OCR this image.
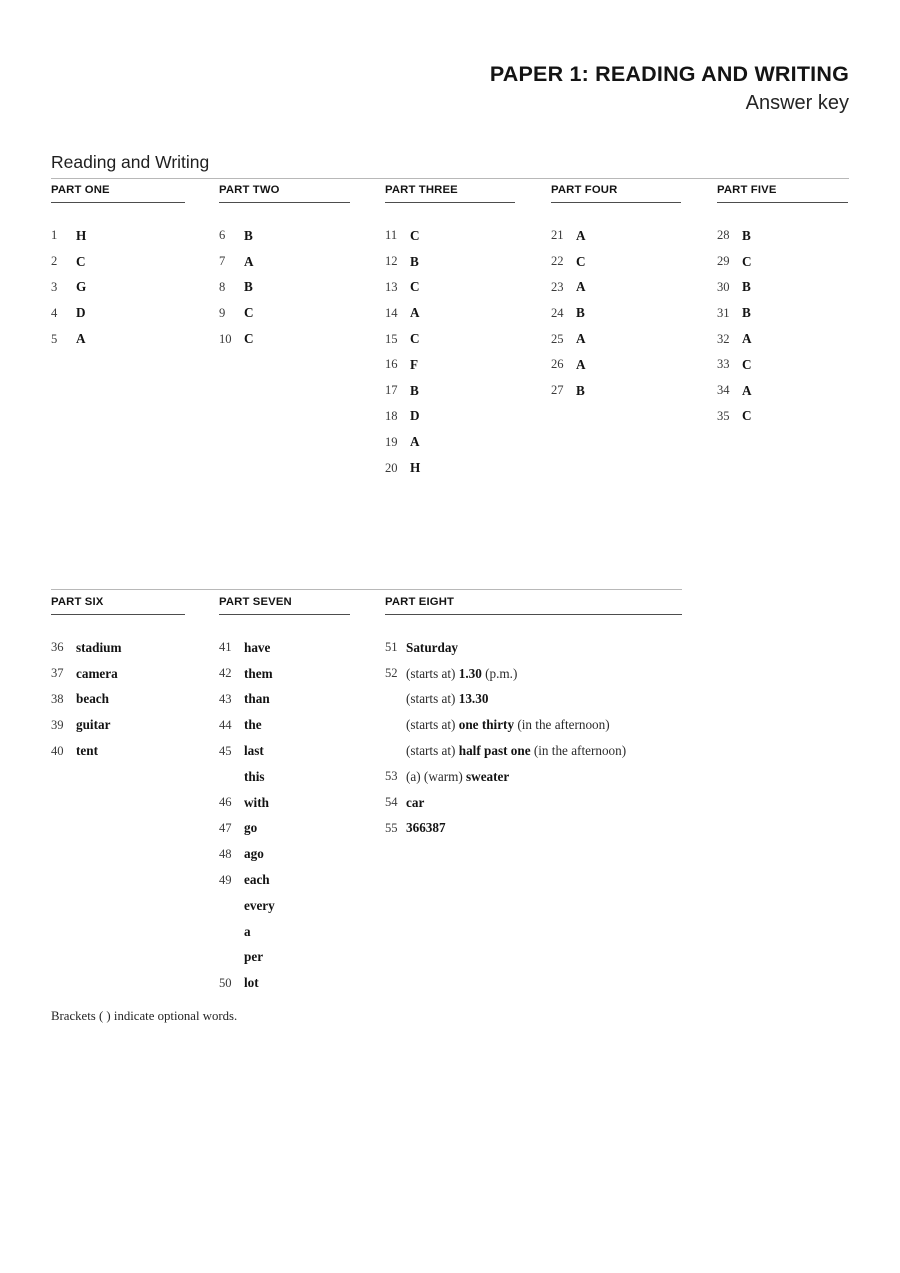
PAPER 1: READING AND WRITING
Answer key
Reading and Writing
PART ONE
1 H
2 C
3 G
4 D
5 A
PART TWO
6 B
7 A
8 B
9 C
10 C
PART THREE
11 C
12 B
13 C
14 A
15 C
16 F
17 B
18 D
19 A
20 H
PART FOUR
21 A
22 C
23 A
24 B
25 A
26 A
27 B
PART FIVE
28 B
29 C
30 B
31 B
32 A
33 C
34 A
35 C
PART SIX
36 stadium
37 camera
38 beach
39 guitar
40 tent
PART SEVEN
41 have
42 them
43 than
44 the
45 last
this
46 with
47 go
48 ago
49 each
every
a
per
50 lot
PART EIGHT
51 Saturday
52 (starts at) 1.30 (p.m.)
(starts at) 13.30
(starts at) one thirty (in the afternoon)
(starts at) half past one (in the afternoon)
53 (a) (warm) sweater
54 car
55 366387
Brackets ( ) indicate optional words.
